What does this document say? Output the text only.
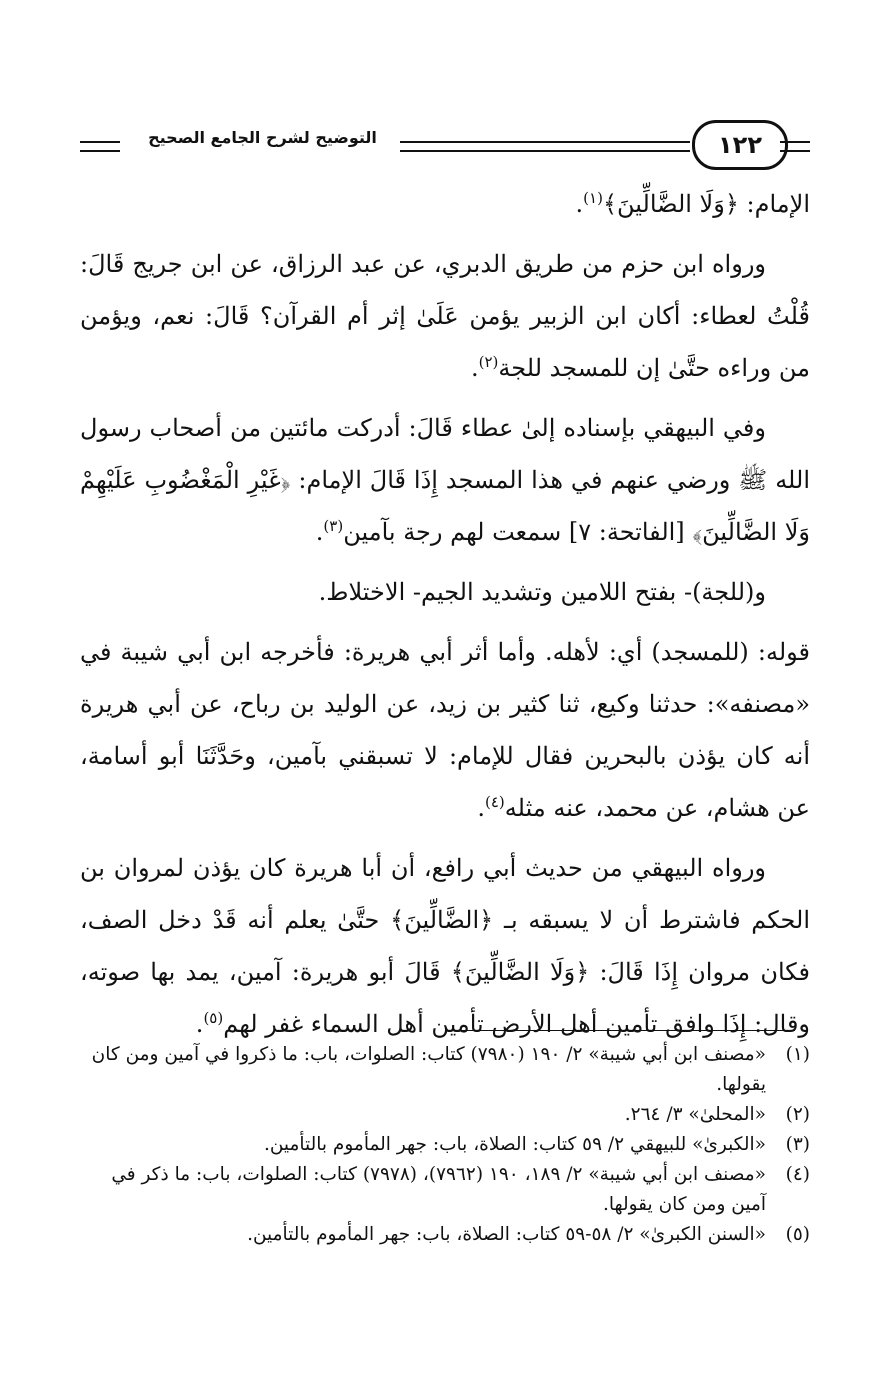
التوضيح لشرح الجامع الصحيح	١٢٢

الإمام: ﴿وَلَا الضَّالِّينَ﴾$^{(١)}$.

ورواه ابن حزم من طريق الدبري، عن عبد الرزاق، عن ابن جريج قَالَ: قُلْتُ لعطاء: أكان ابن الزبير يؤمن عَلَىٰ إثر أم القرآن؟ قَالَ: نعم، ويؤمن من وراءه حتَّىٰ إن للمسجد للجة$^{(٢)}$.

وفي البيهقي بإسناده إلىٰ عطاء قَالَ: أدركت مائتين من أصحاب رسول الله ﷺ ورضي عنهم في هذا المسجد إِذَا قَالَ الإمام: ﴿غَيْرِ الْمَغْضُوبِ عَلَيْهِمْ وَلَا الضَّالِّينَ﴾ [الفاتحة: ٧] سمعت لهم رجة بآمين$^{(٣)}$.

و(للجة)- بفتح اللامين وتشديد الجيم- الاختلاط.

قوله: (للمسجد) أي: لأهله. وأما أثر أبي هريرة: فأخرجه ابن أبي شيبة في «مصنفه»: حدثنا وكيع، ثنا كثير بن زيد، عن الوليد بن رباح، عن أبي هريرة أنه كان يؤذن بالبحرين فقال للإمام: لا تسبقني بآمين، وحَدَّثَنَا أبو أسامة، عن هشام، عن محمد، عنه مثله$^{(٤)}$.

ورواه البيهقي من حديث أبي رافع، أن أبا هريرة كان يؤذن لمروان بن الحكم فاشترط أن لا يسبقه بـ ﴿الضَّالِّينَ﴾ حتَّىٰ يعلم أنه قَدْ دخل الصف، فكان مروان إِذَا قَالَ: ﴿وَلَا الضَّالِّينَ﴾ قَالَ أبو هريرة: آمين، يمد بها صوته، وقال: إِذَا وافق تأمين أهل الأرض تأمين أهل السماء غفر لهم$^{(٥)}$.

(١)
«مصنف ابن أبي شيبة» ٢/ ١٩٠ (٧٩٨٠) كتاب: الصلوات، باب: ما ذكروا في آمين ومن كان يقولها.
(٢)
«المحلىٰ» ٣/ ٢٦٤.
(٣)
«الكبرىٰ» للبيهقي ٢/ ٥٩ كتاب: الصلاة، باب: جهر المأموم بالتأمين.
(٤)
«مصنف ابن أبي شيبة» ٢/ ١٨٩، ١٩٠ (٧٩٦٢)، (٧٩٧٨) كتاب: الصلوات، باب: ما ذكر في آمين ومن كان يقولها.
(٥)
«السنن الكبرىٰ» ٢/ ٥٨-٥٩ كتاب: الصلاة، باب: جهر المأموم بالتأمين.
